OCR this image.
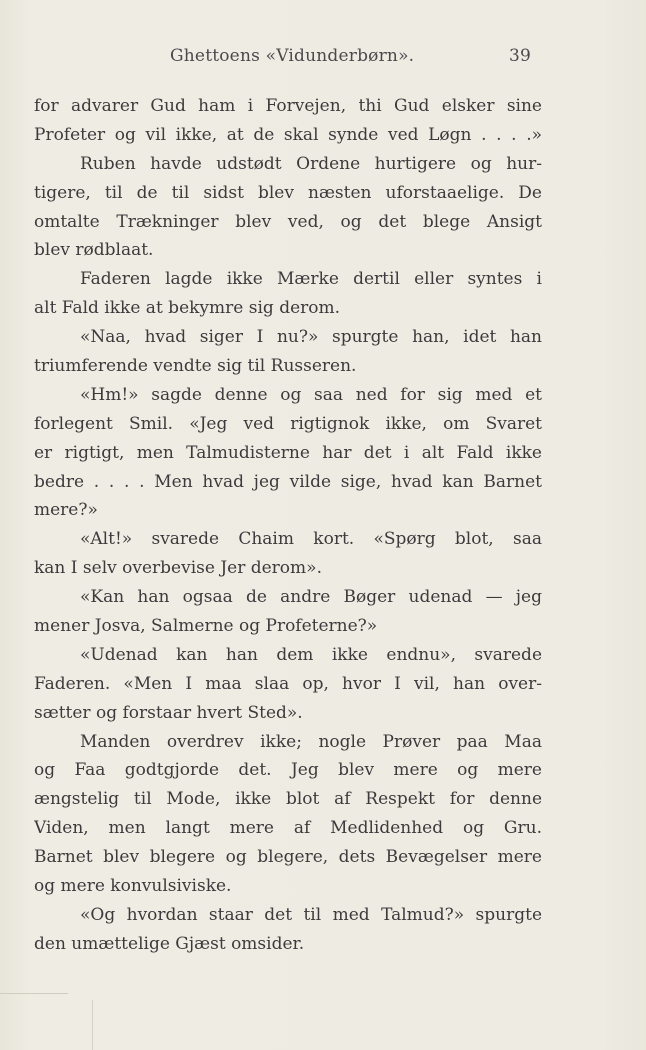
Ghettoens «Vidunderbørn».	39
for advarer Gud ham i Forvejen, thi Gud elsker sine
Profeter og vil ikke, at de skal synde ved Løgn . . . .»
Ruben havde udstødt Ordene hurtigere og hur-
tigere, til de til sidst blev næsten uforstaaelige. De
omtalte Trækninger blev ved, og det blege Ansigt
blev rødblaat.
Faderen lagde ikke Mærke dertil eller syntes i
alt Fald ikke at bekymre sig derom.
«Naa, hvad siger I nu?» spurgte han, idet han
triumferende vendte sig til Russeren.
«Hm!» sagde denne og saa ned for sig med et
forlegent Smil. «Jeg ved rigtignok ikke, om Svaret
er rigtigt, men Talmudisterne har det i alt Fald ikke
bedre . . . . Men hvad jeg vilde sige, hvad kan Barnet
mere?»
«Alt!» svarede Chaim kort. «Spørg blot, saa
kan I selv overbevise Jer derom».
«Kan han ogsaa de andre Bøger udenad — jeg
mener Josva, Salmerne og Profeterne?»
«Udenad kan han dem ikke endnu», svarede
Faderen. «Men I maa slaa op, hvor I vil, han over-
sætter og forstaar hvert Sted».
Manden overdrev ikke; nogle Prøver paa Maa
og Faa godtgjorde det. Jeg blev mere og mere
ængstelig til Mode, ikke blot af Respekt for denne
Viden, men langt mere af Medlidenhed og Gru.
Barnet blev blegere og blegere, dets Bevægelser mere
og mere konvulsiviske.
«Og hvordan staar det til med Talmud?» spurgte
den umættelige Gjæst omsider.
